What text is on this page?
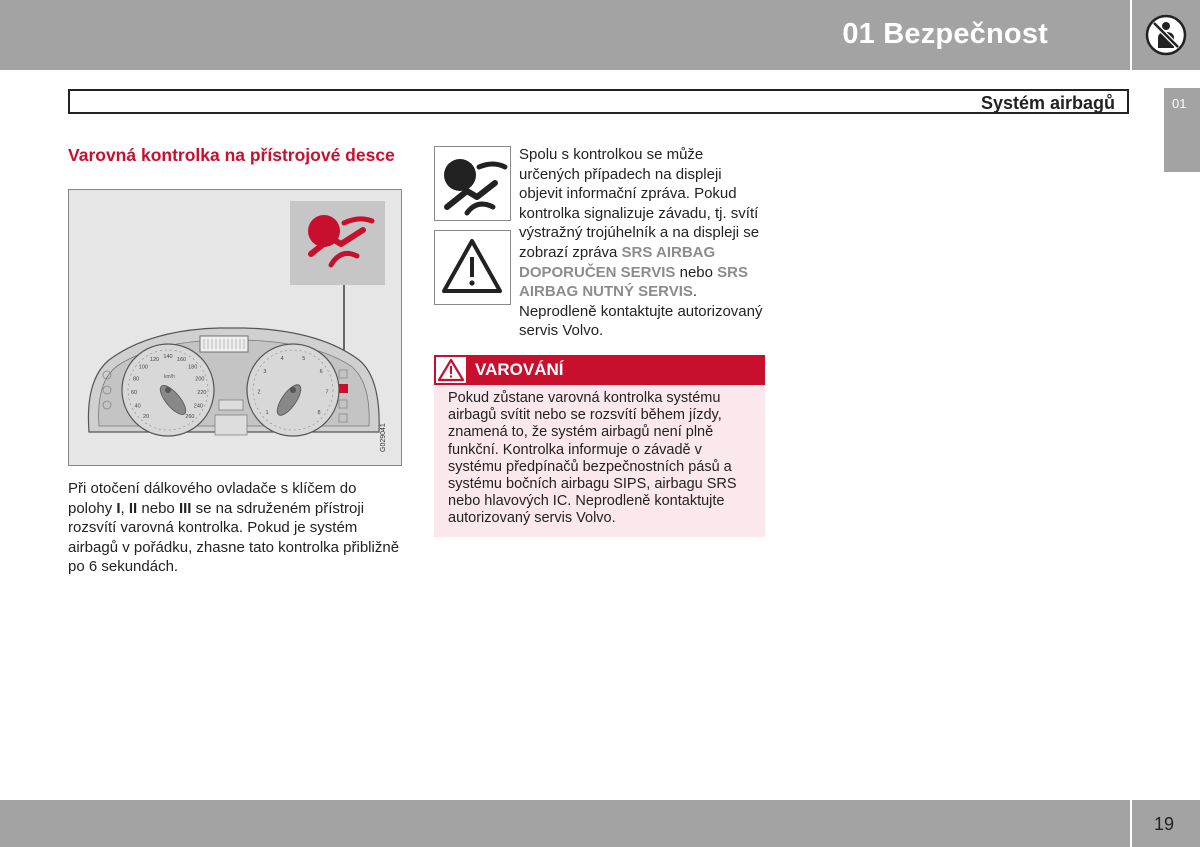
01 Bezpečnost
Systém airbagů	01
Varovná kontrolka na přístrojové desce
km/h
G029041
20
40
60
80
100
120 140 160
180
200
220
240
260
1
2
3
4	5
6
7
8

Při otočení dálkového ovladače s klíčem do polohy I, II nebo III se na sdruženém přístroji rozsvítí varovná kontrolka. Pokud je systém airbagů v pořádku, zhasne tato kontrolka přibližně po 6 sekundách.

Spolu s kontrolkou se může určených případech na displeji objevit informační zpráva. Pokud kontrolka signalizuje závadu, tj. svítí výstražný trojúhelník a na displeji se zobrazí zpráva SRS AIRBAG DOPORUČEN SERVIS nebo SRS AIRBAG NUTNÝ SERVIS. Neprodleně kontaktujte autorizovaný servis Volvo.
VAROVÁNÍ

Pokud zůstane varovná kontrolka systému airbagů svítit nebo se rozsvítí během jízdy, znamená to, že systém airbagů není plně funkční. Kontrolka informuje o závadě v systému předpínačů bezpečnostních pásů a systému bočních airbagu SIPS, airbagu SRS nebo hlavových IC. Neprodleně kontaktujte autorizovaný servis Volvo.

19
